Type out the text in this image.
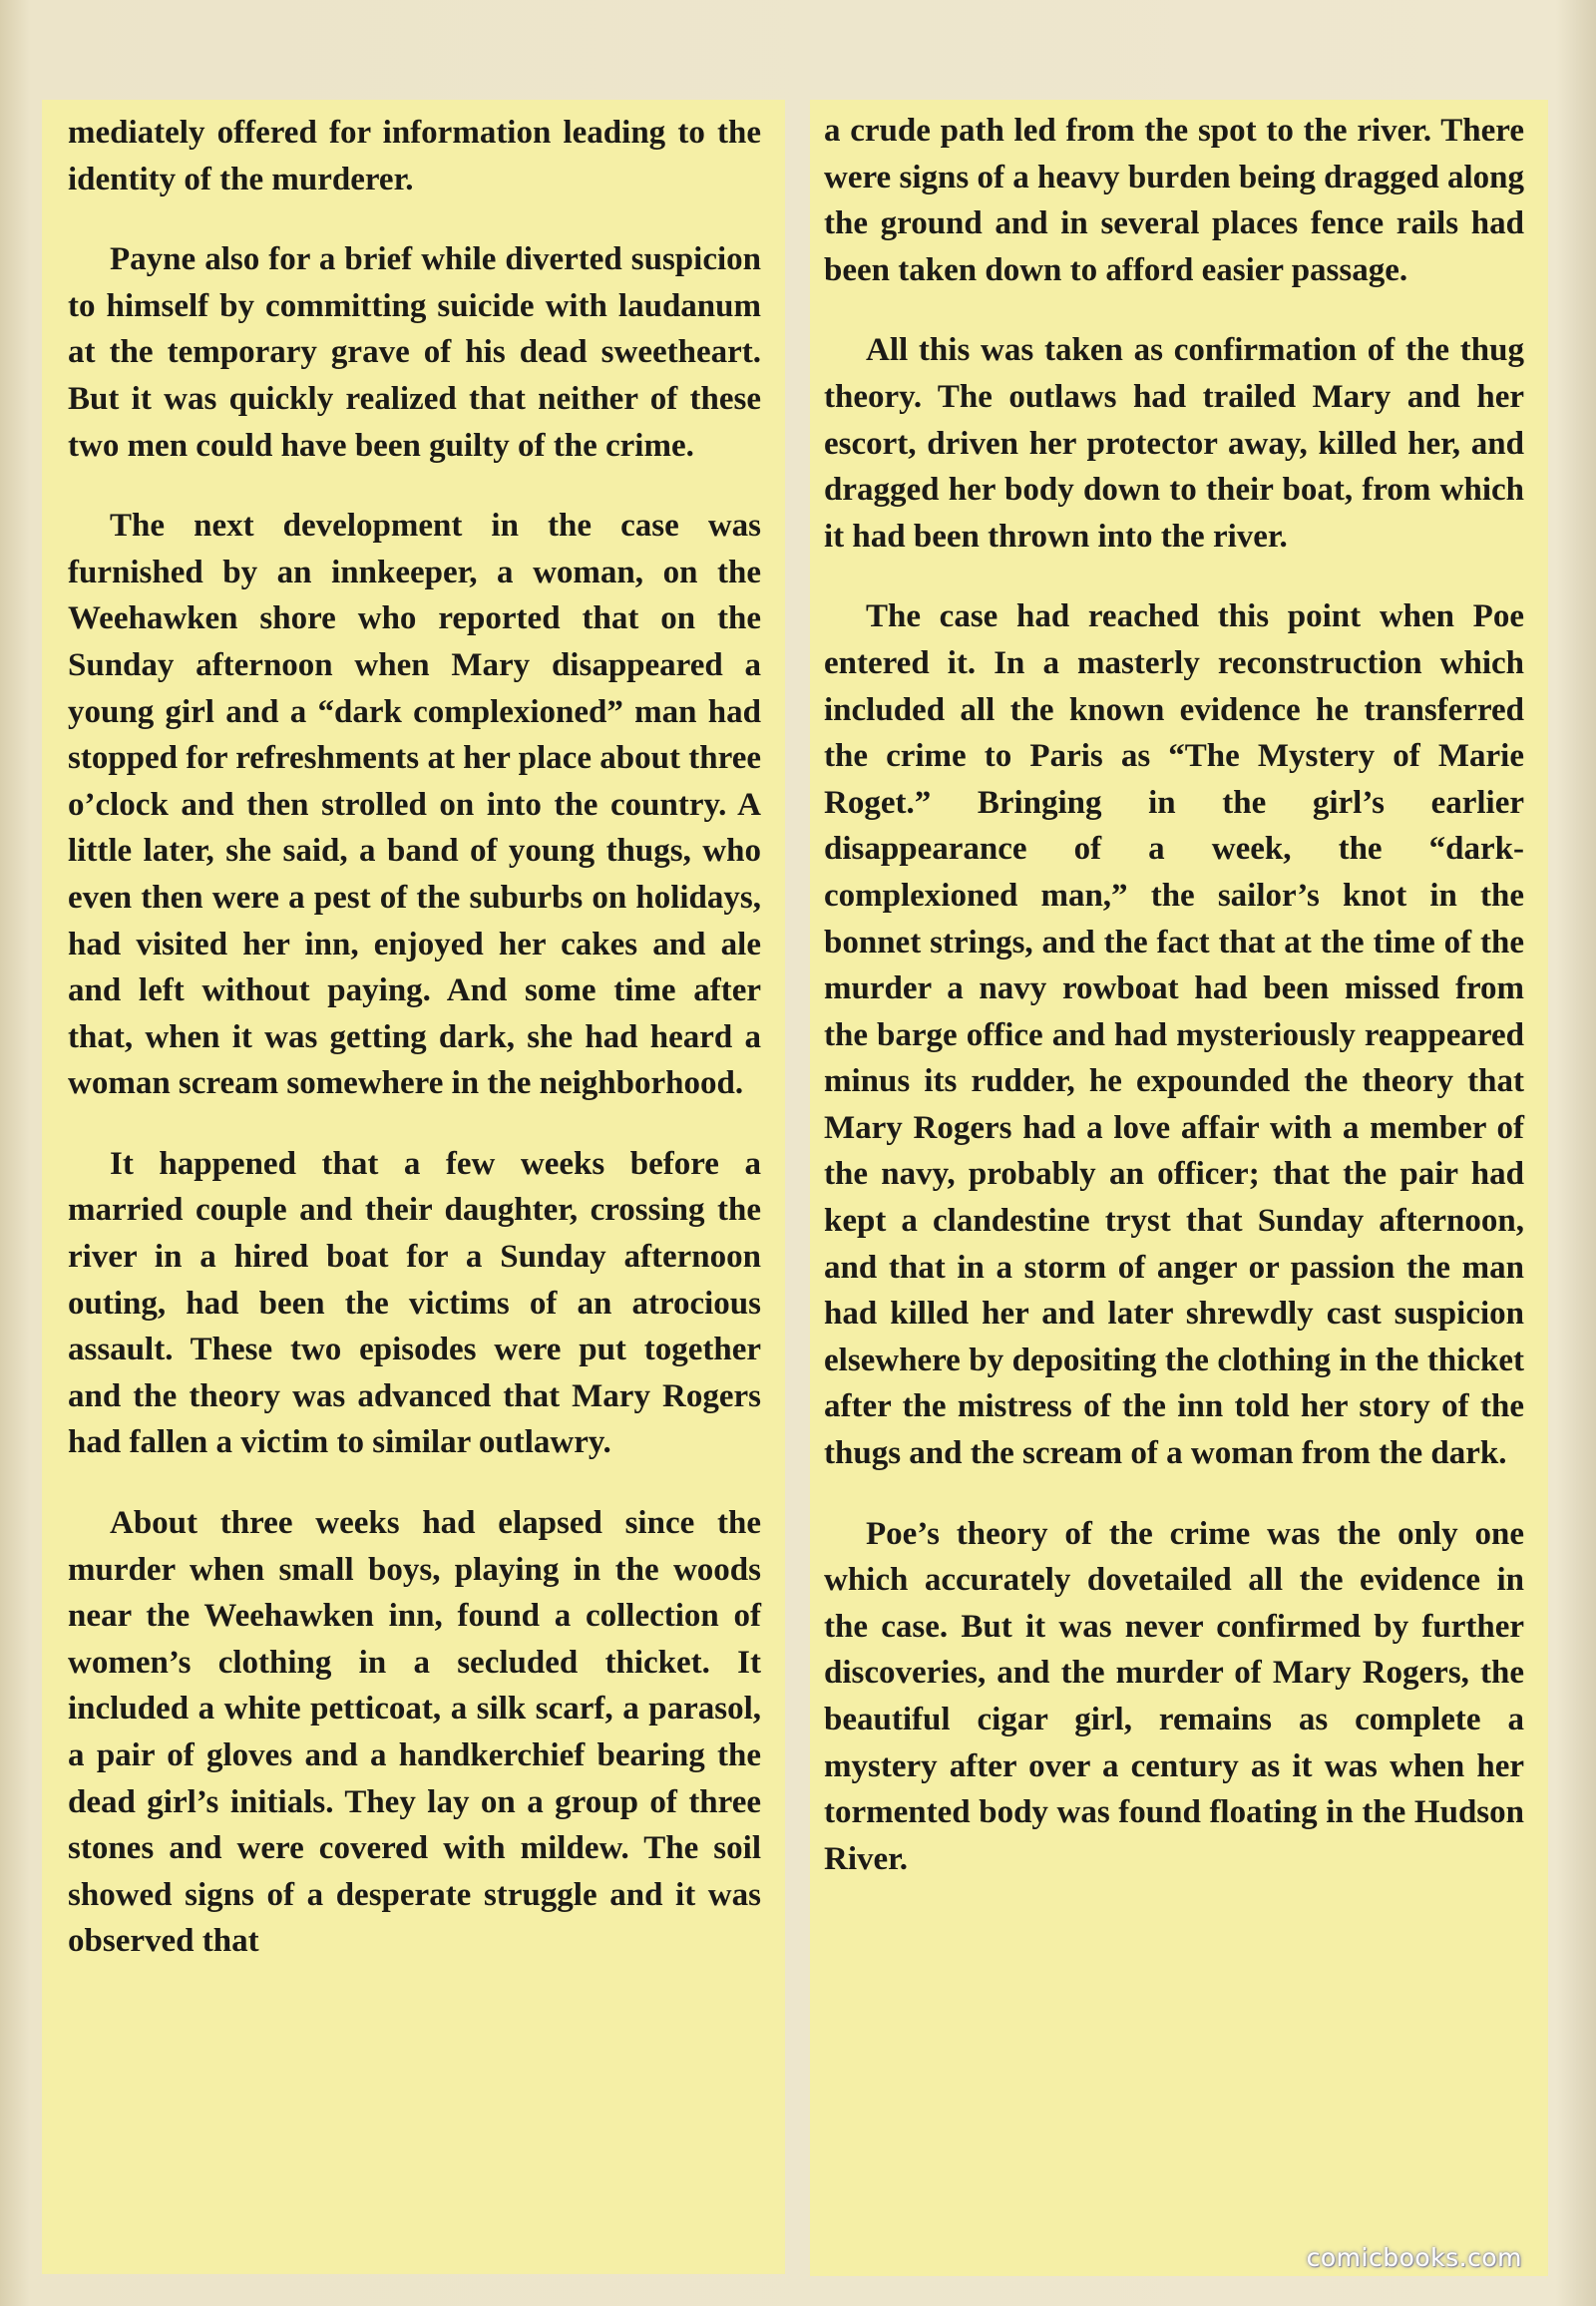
mediately offered for information leading to the identity of the murderer.

Payne also for a brief while diverted suspicion to himself by committing suicide with laudanum at the temporary grave of his dead sweetheart. But it was quickly realized that neither of these two men could have been guilty of the crime.

The next development in the case was furnished by an innkeeper, a woman, on the Weehawken shore who reported that on the Sunday afternoon when Mary disappeared a young girl and a “dark complexioned” man had stopped for refreshments at her place about three o’clock and then strolled on into the country. A little later, she said, a band of young thugs, who even then were a pest of the suburbs on holidays, had visited her inn, enjoyed her cakes and ale and left without paying. And some time after that, when it was getting dark, she had heard a woman scream somewhere in the neighborhood.

It happened that a few weeks before a married couple and their daughter, crossing the river in a hired boat for a Sunday afternoon outing, had been the victims of an atrocious assault. These two episodes were put together and the theory was advanced that Mary Rogers had fallen a victim to similar outlawry.

About three weeks had elapsed since the murder when small boys, playing in the woods near the Weehawken inn, found a collection of women’s clothing in a secluded thicket. It included a white petticoat, a silk scarf, a parasol, a pair of gloves and a handkerchief bearing the dead girl’s initials. They lay on a group of three stones and were covered with mildew. The soil showed signs of a desperate struggle and it was observed that

a crude path led from the spot to the river. There were signs of a heavy burden being dragged along the ground and in several places fence rails had been taken down to afford easier passage.

All this was taken as confirmation of the thug theory. The outlaws had trailed Mary and her escort, driven her protector away, killed her, and dragged her body down to their boat, from which it had been thrown into the river.

The case had reached this point when Poe entered it. In a masterly reconstruction which included all the known evidence he transferred the crime to Paris as “The Mystery of Marie Roget.” Bringing in the girl’s earlier disappearance of a week, the “dark-complexioned man,” the sailor’s knot in the bonnet strings, and the fact that at the time of the murder a navy rowboat had been missed from the barge office and had mysteriously reappeared minus its rudder, he expounded the theory that Mary Rogers had a love affair with a member of the navy, probably an officer; that the pair had kept a clandestine tryst that Sunday afternoon, and that in a storm of anger or passion the man had killed her and later shrewdly cast suspicion elsewhere by depositing the clothing in the thicket after the mistress of the inn told her story of the thugs and the scream of a woman from the dark.

Poe’s theory of the crime was the only one which accurately dovetailed all the evidence in the case. But it was never confirmed by further discoveries, and the murder of Mary Rogers, the beautiful cigar girl, remains as complete a mystery after over a century as it was when her tormented body was found floating in the Hudson River.

comicbooks.com
